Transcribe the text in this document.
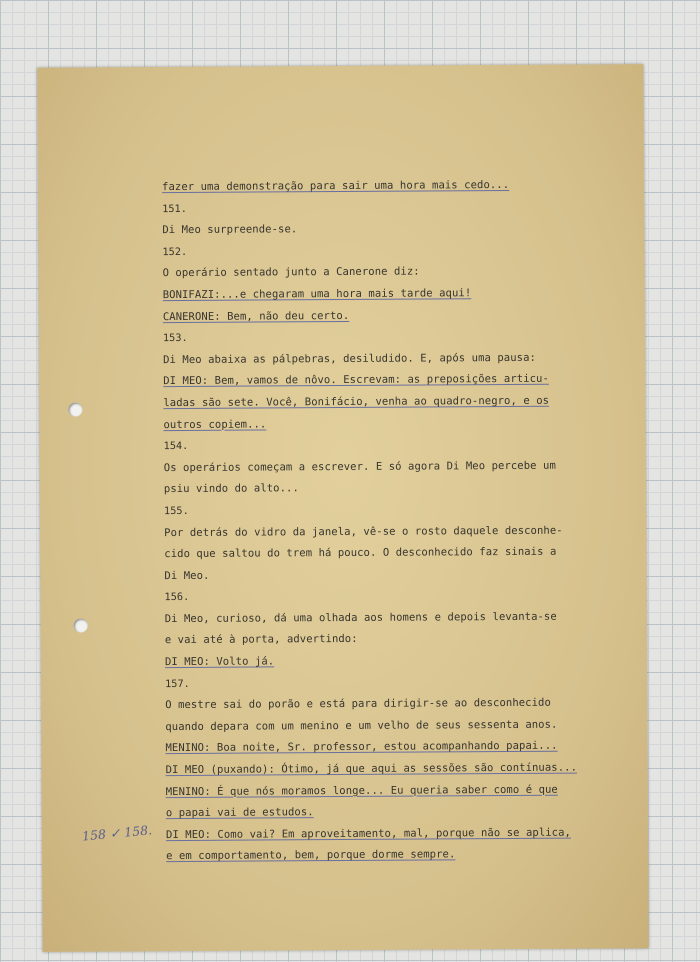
fazer uma demonstração para sair uma hora mais cedo...
151.
Di Meo surpreende-se.
152.
O operário sentado junto a Canerone diz:
BONIFAZI:...e chegaram uma hora mais tarde aqui!
CANERONE: Bem, não deu certo.
153.
Di Meo abaixa as pálpebras, desiludido. E, após uma pausa:
DI MEO: Bem, vamos de nôvo. Escrevam: as preposições articu-
ladas são sete. Você, Bonifácio, venha ao quadro-negro, e os
outros copiem...
154.
Os operários começam a escrever. E só agora Di Meo percebe um
psiu vindo do alto...
155.
Por detrás do vidro da janela, vê-se o rosto daquele desconhe-
cido que saltou do trem há pouco. O desconhecido faz sinais a
Di Meo.
156.
Di Meo, curioso, dá uma olhada aos homens e depois levanta-se
e vai até à porta, advertindo:
DI MEO: Volto já.
157.
O mestre sai do porão e está para dirigir-se ao desconhecido
quando depara com um menino e um velho de seus sessenta anos.
MENINO: Boa noite, Sr. professor, estou acompanhando papai...
DI MEO (puxando): Ótimo, já que aqui as sessões são contínuas...
MENINO: É que nós moramos longe... Eu queria saber como é que
o papai vai de estudos.
DI MEO: Como vai? Em aproveitamento, mal, porque não se aplica,
e em comportamento, bem, porque dorme sempre.
158 ✓ 158.
